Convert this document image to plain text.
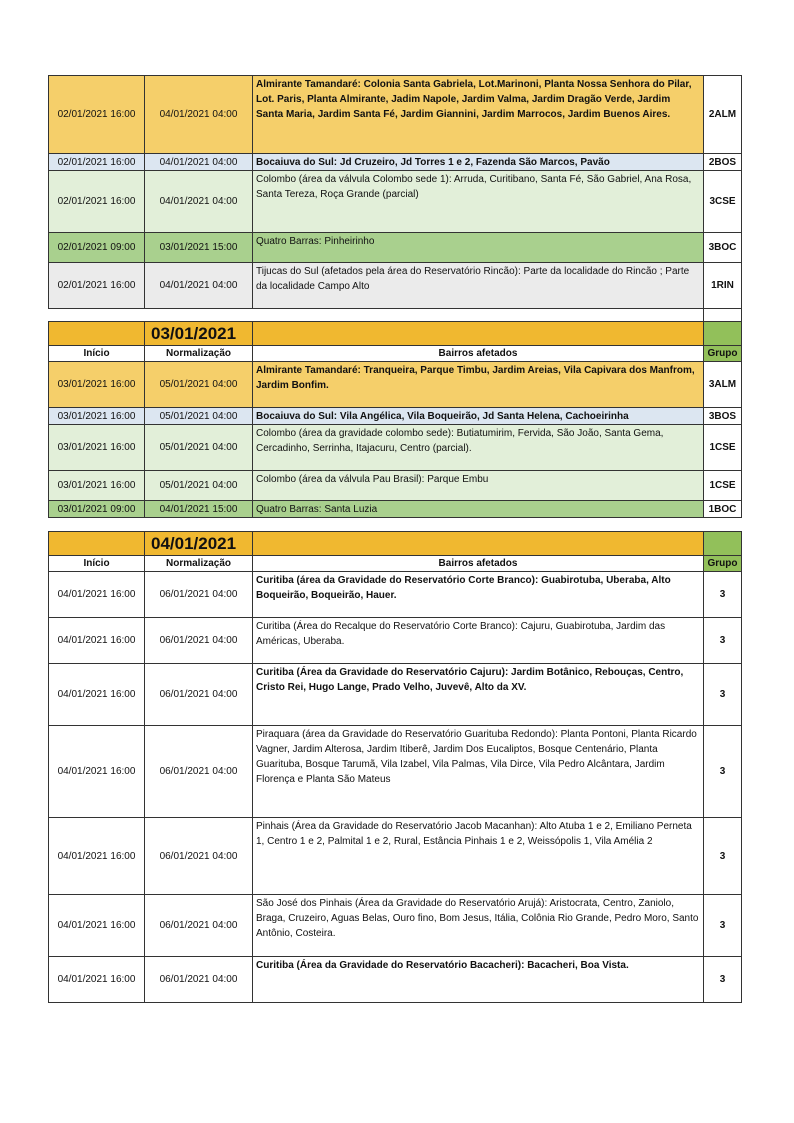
02/01/2021 16:00	04/01/2021 04:00	Almirante Tamandaré: Colonia Santa Gabriela, Lot.Marinoni, Planta Nossa Senhora do Pilar, Lot. Paris, Planta Almirante, Jadim Napole, Jardim Valma, Jardim Dragão Verde, Jardim Santa Maria, Jardim Santa Fé, Jardim Giannini, Jardim Marrocos, Jardim Buenos Aires.	2ALM
02/01/2021 16:00	04/01/2021 04:00	Bocaiuva do Sul: Jd Cruzeiro, Jd Torres 1 e 2, Fazenda São Marcos, Pavão	2BOS
02/01/2021 16:00	04/01/2021 04:00	Colombo (área da válvula Colombo sede 1): Arruda, Curitibano, Santa Fé, São Gabriel, Ana Rosa, Santa Tereza, Roça Grande (parcial)	3CSE
02/01/2021 09:00	03/01/2021 15:00	Quatro Barras: Pinheirinho	3BOC
02/01/2021 16:00	04/01/2021 04:00	Tijucas do Sul (afetados pela área do Reservatório Rincão): Parte da localidade do Rincão ; Parte da localidade Campo Alto	1RIN

	03/01/2021		
Início	Normalização	Bairros afetados	Grupo
03/01/2021 16:00	05/01/2021 04:00	Almirante Tamandaré: Tranqueira, Parque Timbu, Jardim Areias, Vila Capivara dos Manfrom, Jardim Bonfim.	3ALM
03/01/2021 16:00	05/01/2021 04:00	Bocaiuva do Sul: Vila Angélica, Vila Boqueirão, Jd Santa Helena, Cachoeirinha	3BOS
03/01/2021 16:00	05/01/2021 04:00	Colombo (área da gravidade colombo sede): Butiatumirim, Fervida, São João, Santa Gema, Cercadinho, Serrinha, Itajacuru, Centro (parcial).	1CSE
03/01/2021 16:00	05/01/2021 04:00	Colombo (área da válvula Pau Brasil): Parque Embu	1CSE
03/01/2021 09:00	04/01/2021 15:00	Quatro Barras: Santa Luzia	1BOC
	04/01/2021		
Início	Normalização	Bairros afetados	Grupo
04/01/2021 16:00	06/01/2021 04:00	Curitiba (área da Gravidade do Reservatório Corte Branco): Guabirotuba, Uberaba, Alto Boqueirão, Boqueirão, Hauer.	3
04/01/2021 16:00	06/01/2021 04:00	Curitiba (Área do Recalque do Reservatório Corte Branco): Cajuru, Guabirotuba, Jardim das Américas, Uberaba.	3
04/01/2021 16:00	06/01/2021 04:00	Curitiba (Área da Gravidade do Reservatório Cajuru): Jardim Botânico, Rebouças, Centro, Cristo Rei, Hugo Lange, Prado Velho, Juvevê, Alto da XV.	3
04/01/2021 16:00	06/01/2021 04:00	Piraquara (área da Gravidade do Reservatório Guarituba Redondo): Planta Pontoni, Planta Ricardo Vagner, Jardim Alterosa, Jardim Itiberê, Jardim Dos Eucaliptos, Bosque Centenário, Planta Guarituba, Bosque Tarumã, Vila Izabel, Vila Palmas, Vila Dirce, Vila Pedro Alcântara, Jardim Florença e Planta São Mateus	3
04/01/2021 16:00	06/01/2021 04:00	Pinhais (Área da Gravidade do Reservatório Jacob Macanhan): Alto Atuba 1 e 2, Emiliano Perneta 1, Centro 1 e 2, Palmital 1 e 2, Rural, Estância Pinhais 1 e 2, Weissópolis 1, Vila Amélia 2	3
04/01/2021 16:00	06/01/2021 04:00	São José dos Pinhais (Área da Gravidade do Reservatório Arujá): Aristocrata, Centro, Zaniolo, Braga, Cruzeiro, Aguas Belas, Ouro fino, Bom Jesus, Itália, Colônia Rio Grande, Pedro Moro, Santo Antônio, Costeira.	3
04/01/2021 16:00	06/01/2021 04:00	Curitiba (Área da Gravidade do Reservatório Bacacheri): Bacacheri, Boa Vista.	3
